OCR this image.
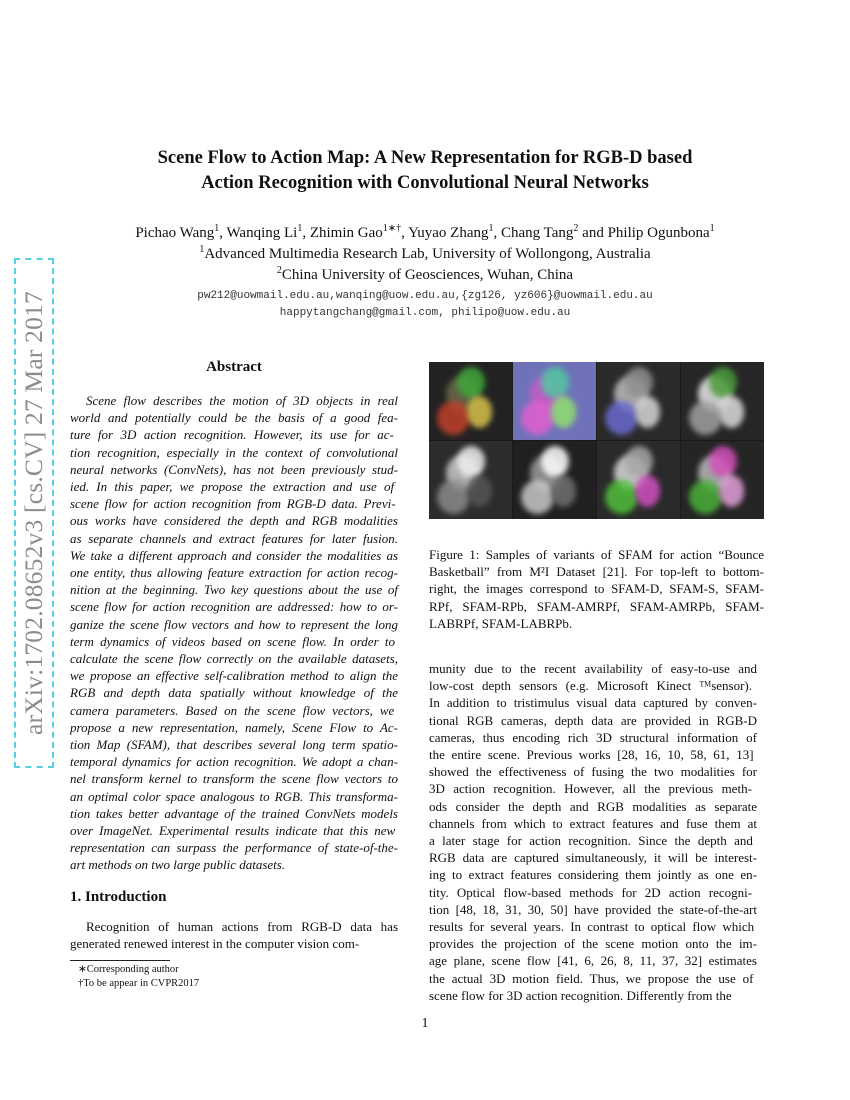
arXiv:1702.08652v3 [cs.CV] 27 Mar 2017
Scene Flow to Action Map: A New Representation for RGB-D based
Action Recognition with Convolutional Neural Networks
Pichao Wang$^1$, Wanqing Li$^1$, Zhimin Gao$^{1∗\dagger}$, Yuyao Zhang$^1$, Chang Tang$^2$ and Philip Ogunbona$^1$
$^1$Advanced Multimedia Research Lab, University of Wollongong, Australia
$^2$China University of Geosciences, Wuhan, China
pw212@uowmail.edu.au,wanqing@uow.edu.au,{zg126, yz606}@uowmail.edu.au
happytangchang@gmail.com, philipo@uow.edu.au
Abstract
Scene flow describes the motion of 3D objects in real
world and potentially could be the basis of a good fea-
ture for 3D action recognition. However, its use for ac-
tion recognition, especially in the context of convolutional
neural networks (ConvNets), has not been previously stud-
ied. In this paper, we propose the extraction and use of
scene flow for action recognition from RGB-D data. Previ-
ous works have considered the depth and RGB modalities
as separate channels and extract features for later fusion.
We take a different approach and consider the modalities as
one entity, thus allowing feature extraction for action recog-
nition at the beginning. Two key questions about the use of
scene flow for action recognition are addressed: how to or-
ganize the scene flow vectors and how to represent the long
term dynamics of videos based on scene flow. In order to
calculate the scene flow correctly on the available datasets,
we propose an effective self-calibration method to align the
RGB and depth data spatially without knowledge of the
camera parameters. Based on the scene flow vectors, we
propose a new representation, namely, Scene Flow to Ac-
tion Map (SFAM), that describes several long term spatio-
temporal dynamics for action recognition. We adopt a chan-
nel transform kernel to transform the scene flow vectors to
an optimal color space analogous to RGB. This transforma-
tion takes better advantage of the trained ConvNets models
over ImageNet. Experimental results indicate that this new
representation can surpass the performance of state-of-the-
art methods on two large public datasets.
1. Introduction
Recognition of human actions from RGB-D data has
generated renewed interest in the computer vision com-
∗Corresponding author
†To be appear in CVPR2017
Figure 1: Samples of variants of SFAM for action “Bounce
Basketball” from M²I Dataset [21]. For top-left to bottom-
right, the images correspond to SFAM-D, SFAM-S, SFAM-
RPf, SFAM-RPb, SFAM-AMRPf, SFAM-AMRPb, SFAM-
LABRPf, SFAM-LABRPb.
munity due to the recent availability of easy-to-use and
low-cost depth sensors (e.g. Microsoft Kinect ᵀᴹsensor).
In addition to tristimulus visual data captured by conven-
tional RGB cameras, depth data are provided in RGB-D
cameras, thus encoding rich 3D structural information of
the entire scene. Previous works [28, 16, 10, 58, 61, 13]
showed the effectiveness of fusing the two modalities for
3D action recognition. However, all the previous meth-
ods consider the depth and RGB modalities as separate
channels from which to extract features and fuse them at
a later stage for action recognition. Since the depth and
RGB data are captured simultaneously, it will be interest-
ing to extract features considering them jointly as one en-
tity. Optical flow-based methods for 2D action recogni-
tion [48, 18, 31, 30, 50] have provided the state-of-the-art
results for several years. In contrast to optical flow which
provides the projection of the scene motion onto the im-
age plane, scene flow [41, 6, 26, 8, 11, 37, 32] estimates
the actual 3D motion field. Thus, we propose the use of
scene flow for 3D action recognition. Differently from the
1
